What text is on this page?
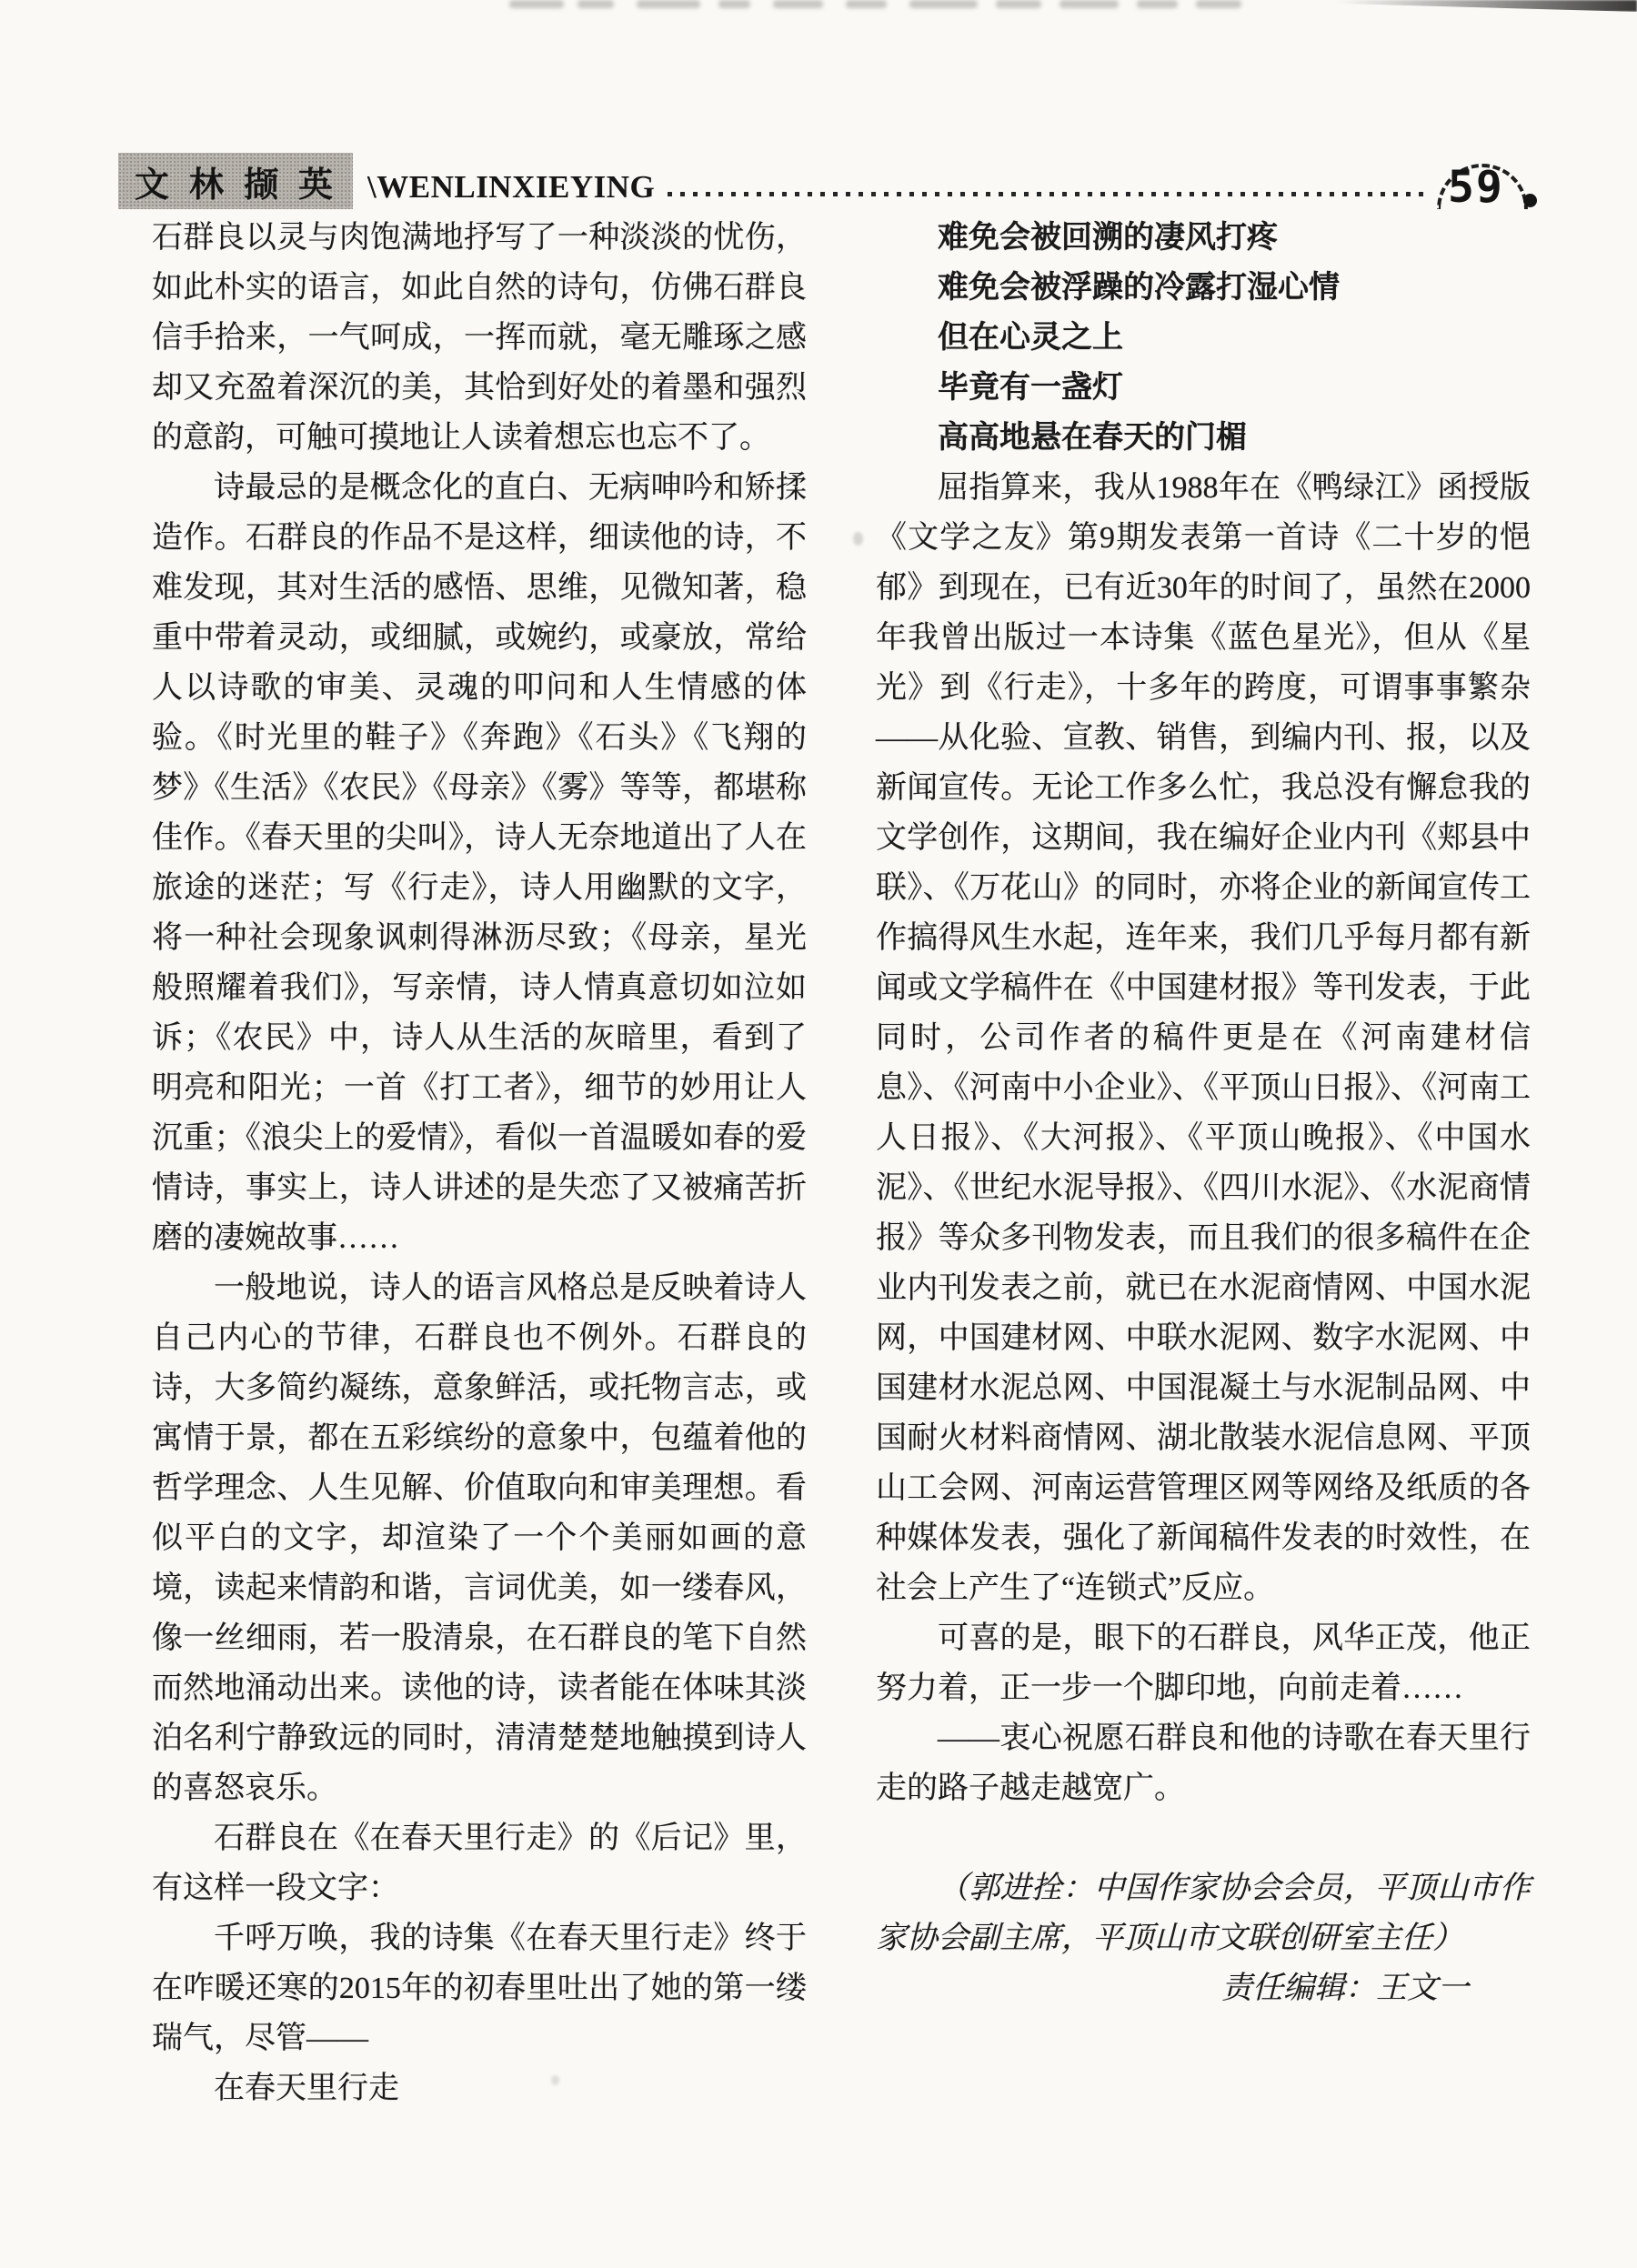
文林撷英 \WENLINXIEYING	59

石群良以灵与肉饱满地抒写了一种淡淡的忧伤，如此朴实的语言，如此自然的诗句，仿佛石群良信手拾来，一气呵成，一挥而就，毫无雕琢之感却又充盈着深沉的美，其恰到好处的着墨和强烈的意韵，可触可摸地让人读着想忘也忘不了。

诗最忌的是概念化的直白、无病呻吟和矫揉造作。石群良的作品不是这样，细读他的诗，不难发现，其对生活的感悟、思维，见微知著，稳重中带着灵动，或细腻，或婉约，或豪放，常给人以诗歌的审美、灵魂的叩问和人生情感的体验。《时光里的鞋子》《奔跑》《石头》《飞翔的梦》《生活》《农民》《母亲》《雾》等等，都堪称佳作。《春天里的尖叫》，诗人无奈地道出了人在旅途的迷茫；写《行走》，诗人用幽默的文字，将一种社会现象讽刺得淋沥尽致；《母亲，星光般照耀着我们》，写亲情，诗人情真意切如泣如诉；《农民》中，诗人从生活的灰暗里，看到了明亮和阳光；一首《打工者》，细节的妙用让人沉重；《浪尖上的爱情》，看似一首温暖如春的爱情诗，事实上，诗人讲述的是失恋了又被痛苦折磨的凄婉故事……

一般地说，诗人的语言风格总是反映着诗人自己内心的节律，石群良也不例外。石群良的诗，大多简约凝练，意象鲜活，或托物言志，或寓情于景，都在五彩缤纷的意象中，包蕴着他的哲学理念、人生见解、价值取向和审美理想。看似平白的文字，却渲染了一个个美丽如画的意境，读起来情韵和谐，言词优美，如一缕春风，像一丝细雨，若一股清泉，在石群良的笔下自然而然地涌动出来。读他的诗，读者能在体味其淡泊名利宁静致远的同时，清清楚楚地触摸到诗人的喜怒哀乐。

石群良在《在春天里行走》的《后记》里，有这样一段文字：

千呼万唤，我的诗集《在春天里行走》终于在咋暖还寒的2015年的初春里吐出了她的第一缕瑞气，尽管——

在春天里行走

难免会被回溯的凄风打疼

难免会被浮躁的冷露打湿心情

但在心灵之上

毕竟有一盏灯

高高地悬在春天的门楣

屈指算来，我从1988年在《鸭绿江》函授版《文学之友》第9期发表第一首诗《二十岁的悒郁》到现在，已有近30年的时间了，虽然在2000年我曾出版过一本诗集《蓝色星光》，但从《星光》到《行走》，十多年的跨度，可谓事事繁杂——从化验、宣教、销售，到编内刊、报，以及新闻宣传。无论工作多么忙，我总没有懈怠我的文学创作，这期间，我在编好企业内刊《郏县中联》、《万花山》的同时，亦将企业的新闻宣传工作搞得风生水起，连年来，我们几乎每月都有新闻或文学稿件在《中国建材报》等刊发表，于此同时，公司作者的稿件更是在《河南建材信息》、《河南中小企业》、《平顶山日报》、《河南工人日报》、《大河报》、《平顶山晚报》、《中国水泥》、《世纪水泥导报》、《四川水泥》、《水泥商情报》等众多刊物发表，而且我们的很多稿件在企业内刊发表之前，就已在水泥商情网、中国水泥网，中国建材网、中联水泥网、数字水泥网、中国建材水泥总网、中国混凝土与水泥制品网、中国耐火材料商情网、湖北散装水泥信息网、平顶山工会网、河南运营管理区网等网络及纸质的各种媒体发表，强化了新闻稿件发表的时效性，在社会上产生了“连锁式”反应。

可喜的是，眼下的石群良，风华正茂，他正努力着，正一步一个脚印地，向前走着……

——衷心祝愿石群良和他的诗歌在春天里行走的路子越走越宽广。

（郭进拴：中国作家协会会员，平顶山市作家协会副主席，平顶山市文联创研室主任）

责任编辑：王文一
